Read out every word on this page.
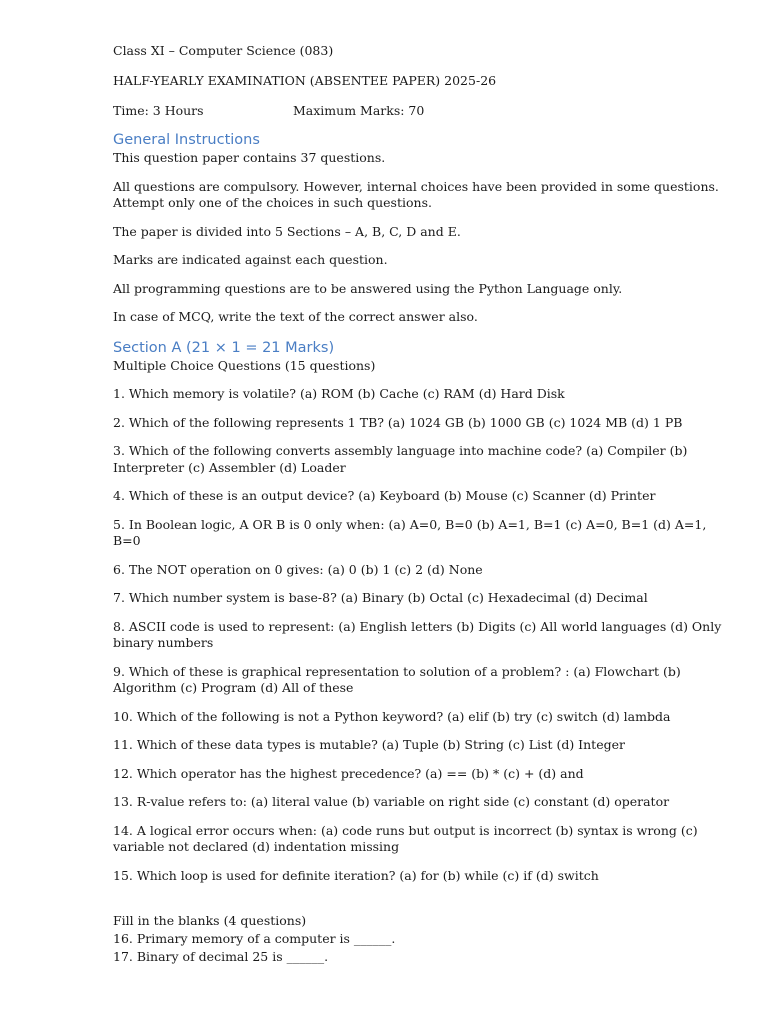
Class XI – Computer Science (083)
HALF-YEARLY EXAMINATION (ABSENTEE PAPER) 2025-26
Time: 3 Hours	Maximum Marks: 70
General Instructions

This question paper contains 37 questions.

All questions are compulsory. However, internal choices have been provided in some questions. Attempt only one of the choices in such questions.

The paper is divided into 5 Sections – A, B, C, D and E.

Marks are indicated against each question.

All programming questions are to be answered using the Python Language only.

In case of MCQ, write the text of the correct answer also.

Section A (21 × 1 = 21 Marks)
Multiple Choice Questions (15 questions)
1. Which memory is volatile? (a) ROM (b) Cache (c) RAM (d) Hard Disk
2. Which of the following represents 1 TB? (a) 1024 GB (b) 1000 GB (c) 1024 MB (d) 1 PB
3. Which of the following converts assembly language into machine code? (a) Compiler (b) Interpreter (c) Assembler (d) Loader
4. Which of these is an output device? (a) Keyboard (b) Mouse (c) Scanner (d) Printer
5. In Boolean logic, A OR B is 0 only when: (a) A=0, B=0 (b) A=1, B=1 (c) A=0, B=1 (d) A=1, B=0
6. The NOT operation on 0 gives: (a) 0 (b) 1 (c) 2 (d) None
7. Which number system is base-8? (a) Binary (b) Octal (c) Hexadecimal (d) Decimal
8. ASCII code is used to represent: (a) English letters (b) Digits (c) All world languages (d) Only binary numbers
9. Which of these is graphical representation to solution of a problem? : (a) Flowchart (b) Algorithm (c) Program (d) All of these
10. Which of the following is not a Python keyword? (a) elif (b) try (c) switch (d) lambda
11. Which of these data types is mutable? (a) Tuple (b) String (c) List (d) Integer
12. Which operator has the highest precedence? (a) == (b) * (c) + (d) and
13. R-value refers to: (a) literal value (b) variable on right side (c) constant (d) operator
14. A logical error occurs when: (a) code runs but output is incorrect (b) syntax is wrong (c) variable not declared (d) indentation missing
15. Which loop is used for definite iteration? (a) for (b) while (c) if (d) switch
Fill in the blanks (4 questions)
16. Primary memory of a computer is ______.
17. Binary of decimal 25 is ______.
